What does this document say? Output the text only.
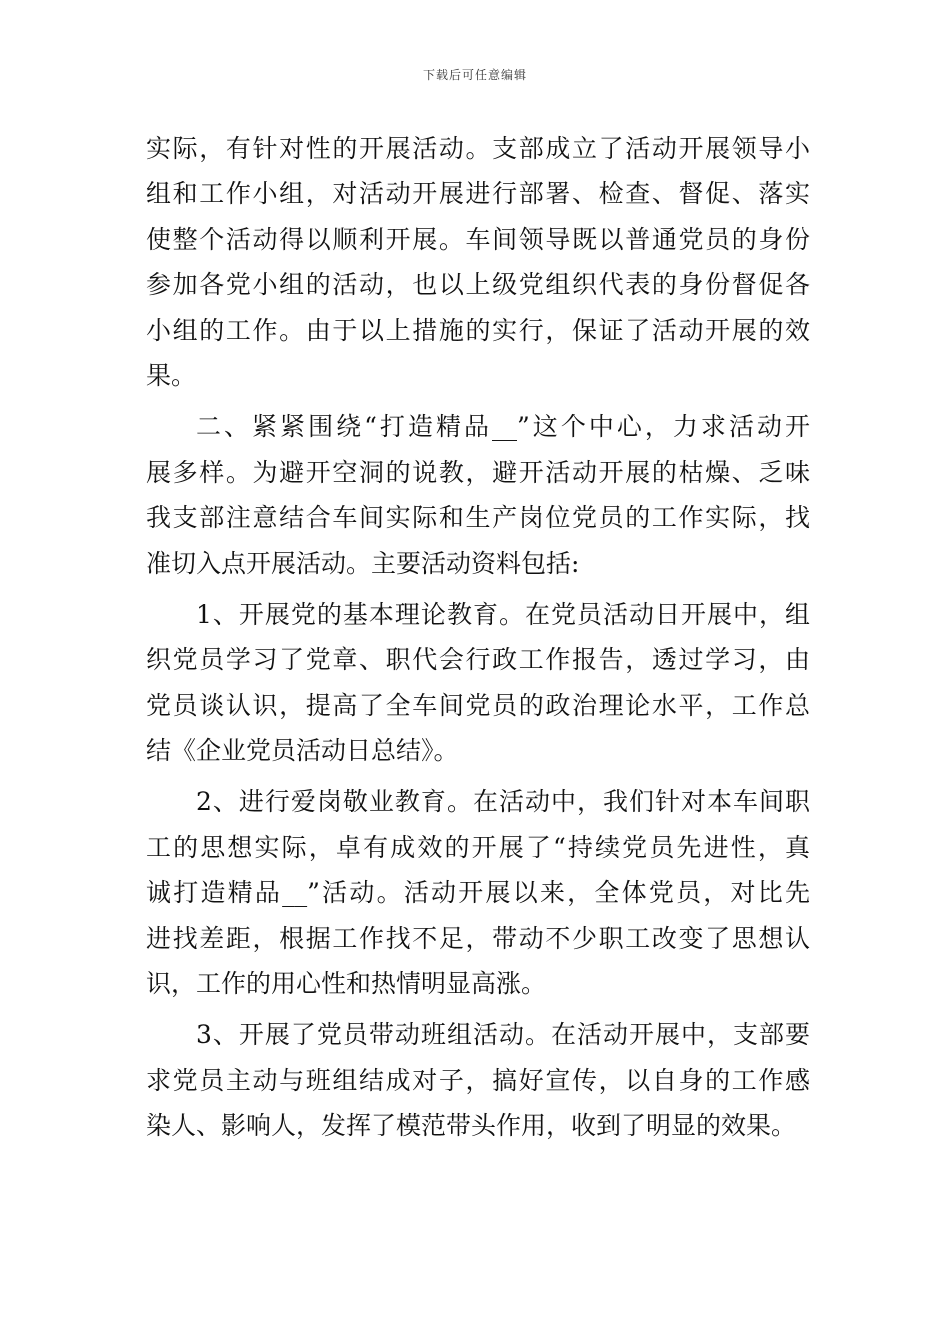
下载后可任意编辑
实际，有针对性的开展活动。支部成立了活动开展领导小
组和工作小组，对活动开展进行部署、检查、督促、落实
使整个活动得以顺利开展。车间领导既以普通党员的身份
参加各党小组的活动，也以上级党组织代表的身份督促各
小组的工作。由于以上措施的实行，保证了活动开展的效
果。
二、紧紧围绕“打造精品__”这个中心，力求活动开
展多样。为避开空洞的说教，避开活动开展的枯燥、乏味
我支部注意结合车间实际和生产岗位党员的工作实际，找
准切入点开展活动。主要活动资料包括:
1、开展党的基本理论教育。在党员活动日开展中，组
织党员学习了党章、职代会行政工作报告，透过学习，由
党员谈认识，提高了全车间党员的政治理论水平，工作总
结《企业党员活动日总结》。
2、进行爱岗敬业教育。在活动中，我们针对本车间职
工的思想实际，卓有成效的开展了“持续党员先进性，真
诚打造精品__”活动。活动开展以来，全体党员，对比先
进找差距，根据工作找不足，带动不少职工改变了思想认
识，工作的用心性和热情明显高涨。
3、开展了党员带动班组活动。在活动开展中，支部要
求党员主动与班组结成对子，搞好宣传，以自身的工作感
染人、影响人，发挥了模范带头作用，收到了明显的效果。
